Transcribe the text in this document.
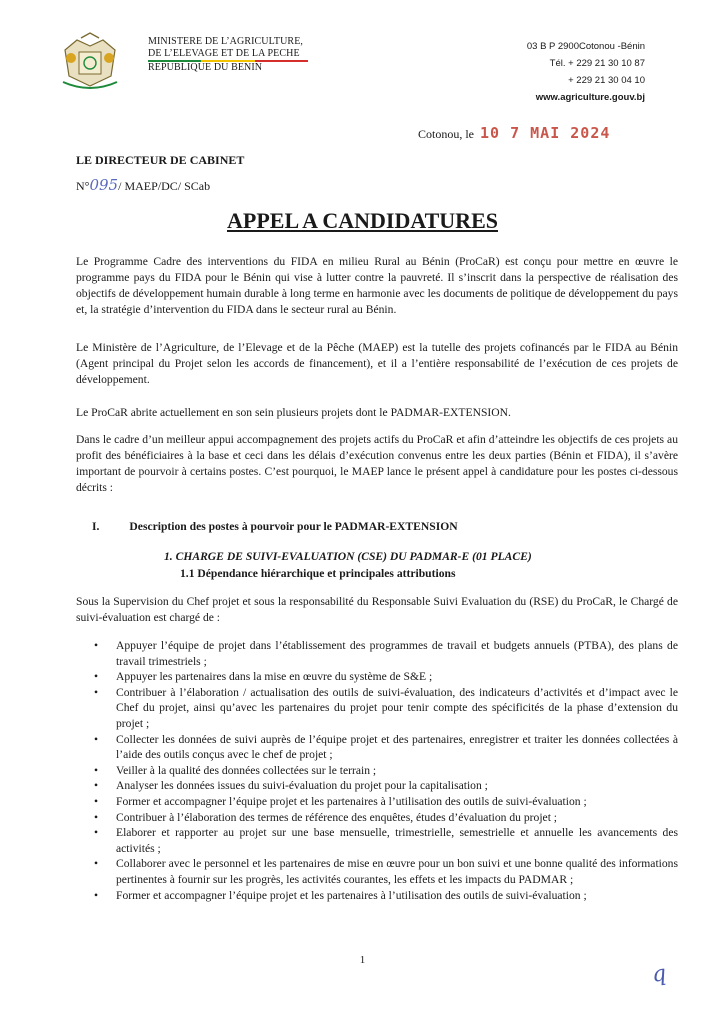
MINISTERE DE L’AGRICULTURE,
DE L’ELEVAGE ET DE LA PECHE
REPUBLIQUE DU BENIN
03 B P 2900Cotonou -Bénin
Tél. + 229 21 30 10 87
+ 229 21 30 04 10
www.agriculture.gouv.bj
Cotonou, le 10 7 MAI 2024
LE DIRECTEUR DE CABINET
N°095/ MAEP/DC/ SCab
APPEL A CANDIDATURES

Le Programme Cadre des interventions du FIDA en milieu Rural au Bénin (ProCaR) est conçu pour mettre en œuvre le programme pays du FIDA pour le Bénin qui vise à lutter contre la pauvreté. Il s’inscrit dans la perspective de réalisation des objectifs de développement humain durable à long terme en harmonie avec les documents de politique de développement du pays et, la stratégie d’intervention du FIDA dans le secteur rural au Bénin.

Le Ministère de l’Agriculture, de l’Elevage et de la Pêche (MAEP) est la tutelle des projets cofinancés par le FIDA au Bénin (Agent principal du Projet selon les accords de financement), et il a l’entière responsabilité de l’exécution de ces projets de développement.

Le ProCaR abrite actuellement en son sein plusieurs projets dont le PADMAR-EXTENSION.

Dans le cadre d’un meilleur appui accompagnement des projets actifs du ProCaR et afin d’atteindre les objectifs de ces projets au profit des bénéficiaires à la base et ceci dans les délais d’exécution convenus entre les deux parties (Bénin et FIDA), il s’avère important de pourvoir à certains postes. C’est pourquoi, le MAEP lance le présent appel à candidature pour les postes ci-dessous décrits :

I.	Description des postes à pourvoir pour le PADMAR-EXTENSION
1. CHARGE DE SUIVI-EVALUATION (CSE) DU PADMAR-E (01 PLACE)
1.1 Dépendance hiérarchique et principales attributions

Sous la Supervision du Chef projet et sous la responsabilité du Responsable Suivi Evaluation du (RSE) du ProCaR, le Chargé de suivi-évaluation est chargé de :

• Appuyer l’équipe de projet dans l’établissement des programmes de travail et budgets annuels (PTBA), des plans de travail trimestriels ;
• Appuyer les partenaires dans la mise en œuvre du système de S&E ;
• Contribuer à l’élaboration / actualisation des outils de suivi-évaluation, des indicateurs d’activités et d’impact avec le Chef du projet, ainsi qu’avec les partenaires du projet pour tenir compte des spécificités de la phase d’extension du projet ;
• Collecter les données de suivi auprès de l’équipe projet et des partenaires, enregistrer et traiter les données collectées à l’aide des outils conçus avec le chef de projet ;
• Veiller à la qualité des données collectées sur le terrain ;
• Analyser les données issues du suivi-évaluation du projet pour la capitalisation ;
• Former et accompagner l’équipe projet et les partenaires à l’utilisation des outils de suivi-évaluation ;
• Contribuer à l’élaboration des termes de référence des enquêtes, études d’évaluation du projet ;
• Elaborer et rapporter au projet sur une base mensuelle, trimestrielle, semestrielle et annuelle les avancements des activités ;
• Collaborer avec le personnel et les partenaires de mise en œuvre pour un bon suivi et une bonne qualité des informations pertinentes à fournir sur les progrès, les activités courantes, les effets et les impacts du PADMAR ;
• Former et accompagner l’équipe projet et les partenaires à l’utilisation des outils de suivi-évaluation ;
1
q
